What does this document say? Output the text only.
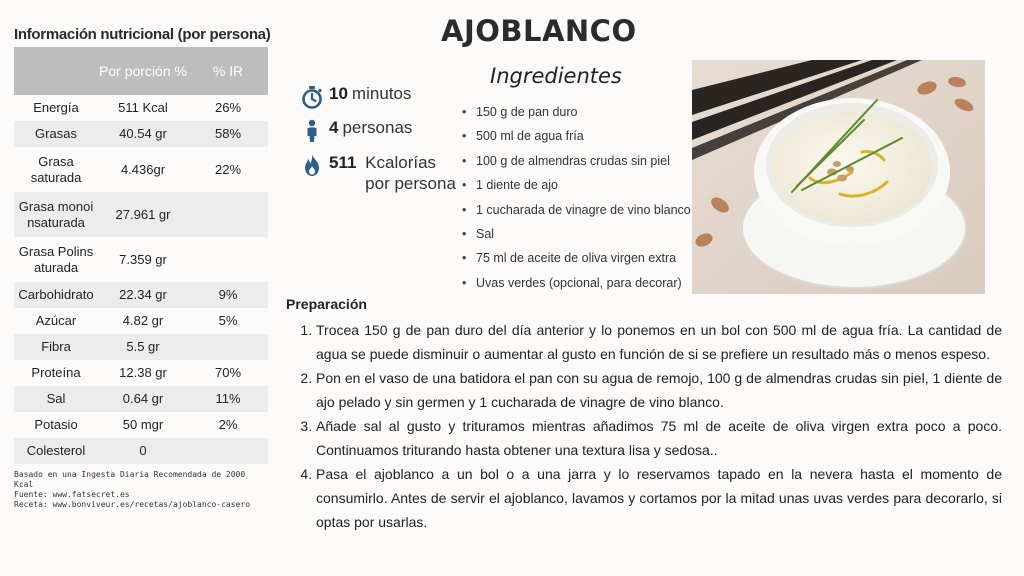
Información nutricional (por persona)
	Por porción %	% IR
Energía	511 Kcal	26%
Grasas	40.54 gr	58%

Grasa saturada	4.436gr	22%

Grasa monoinsaturada	27.961 gr	

Grasa Polinsaturada	7.359 gr	
Carbohidrato	22.34 gr	9%
Azúcar	4.82 gr	5%
Fibra	5.5 gr	
Proteína	12.38 gr	70%
Sal	0.64 gr	11%
Potasio	50 mgr	2%
Colesterol	0	
Basado en una Ingesta Diaria Recomendada de 2000 Kcal
Fuente: www.fatsecret.es
Receta: www.bonviveur.es/recetas/ajoblanco-casero
AJOBLANCO
10 minutos
4 personas
511 Kcalorías por persona
Ingredientes
• 150 g de pan duro
• 500 ml de agua fría
• 100 g de almendras crudas sin piel
• 1 diente de ajo
• 1 cucharada de vinagre de vino blanco
• Sal
• 75 ml de aceite de oliva virgen extra
• Uvas verdes (opcional, para decorar)
Preparación
1. Trocea 150 g de pan duro del día anterior y lo ponemos en un bol con 500 ml de agua fría. La cantidad de agua se puede disminuir o aumentar al gusto en función de si se prefiere un resultado más o menos espeso.
2. Pon en el vaso de una batidora el pan con su agua de remojo, 100 g de almendras crudas sin piel, 1 diente de ajo pelado y sin germen y 1 cucharada de vinagre de vino blanco.
3. Añade sal al gusto y trituramos mientras añadimos 75 ml de aceite de oliva virgen extra poco a poco. Continuamos triturando hasta obtener una textura lisa y sedosa..
4. Pasa el ajoblanco a un bol o a una jarra y lo reservamos tapado en la nevera hasta el momento de consumirlo. Antes de servir el ajoblanco, lavamos y cortamos por la mitad unas uvas verdes para decorarlo, si optas por usarlas.
